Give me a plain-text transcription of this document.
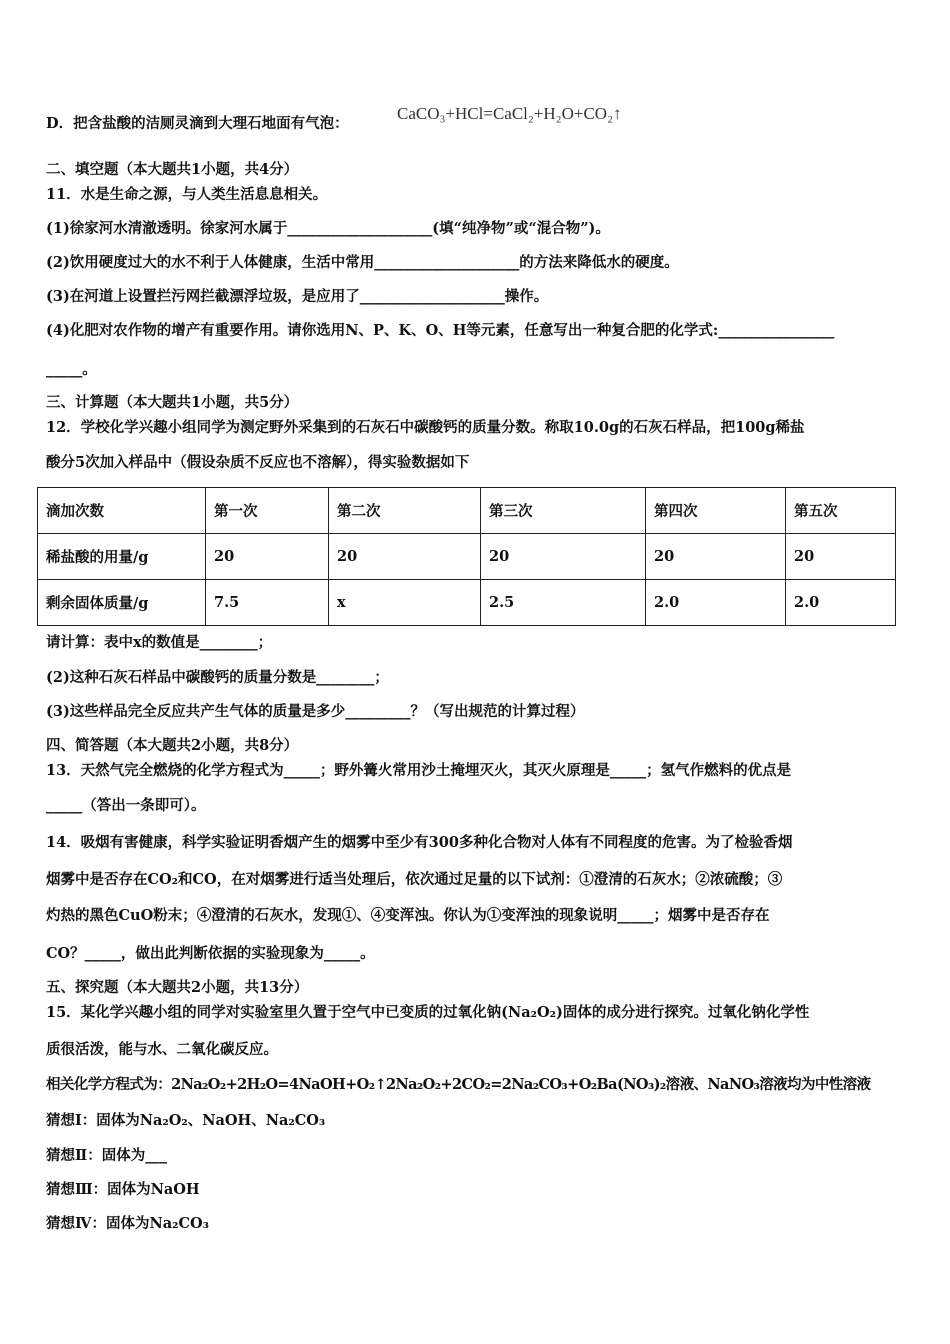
D．把含盐酸的洁厕灵滴到大理石地面有气泡：
CaCO₃+HCl=CaCl₂+H₂O+CO₂↑
二、填空题（本大题共1小题，共4分）
11．水是生命之源，与人类生活息息相关。
(1)徐家河水清澈透明。徐家河水属于____________________(填“纯净物”或“混合物”)。
(2)饮用硬度过大的水不利于人体健康，生活中常用____________________的方法来降低水的硬度。
(3)在河道上设置拦污网拦截漂浮垃圾，是应用了____________________操作。
(4)化肥对农作物的增产有重要作用。请你选用N、P、K、O、H等元素，任意写出一种复合肥的化学式:________________
_____。
三、计算题（本大题共1小题，共5分）
12．学校化学兴趣小组同学为测定野外采集到的石灰石中碳酸钙的质量分数。称取10.0g的石灰石样品，把100g稀盐
酸分5次加入样品中（假设杂质不反应也不溶解），得实验数据如下
滴加次数	第一次	第二次	第三次	第四次	第五次
稀盐酸的用量/g	20	20	20	20	20
剩余固体质量/g	7.5	x	2.5	2.0	2.0
请计算：表中x的数值是________；
(2)这种石灰石样品中碳酸钙的质量分数是________；
(3)这些样品完全反应共产生气体的质量是多少_________？（写出规范的计算过程）
四、简答题（本大题共2小题，共8分）
13．天然气完全燃烧的化学方程式为_____；野外篝火常用沙土掩埋灭火，其灭火原理是_____；氢气作燃料的优点是
_____（答出一条即可）。
14．吸烟有害健康，科学实验证明香烟产生的烟雾中至少有300多种化合物对人体有不同程度的危害。为了检验香烟
烟雾中是否存在CO₂和CO，在对烟雾进行适当处理后，依次通过足量的以下试剂：①澄清的石灰水；②浓硫酸；③
灼热的黑色CuO粉末；④澄清的石灰水，发现①、④变浑浊。你认为①变浑浊的现象说明_____；烟雾中是否存在
CO？_____，做出此判断依据的实验现象为_____。
五、探究题（本大题共2小题，共13分）
15．某化学兴趣小组的同学对实验室里久置于空气中已变质的过氧化钠(Na₂O₂)固体的成分进行探究。过氧化钠化学性
质很活泼，能与水、二氧化碳反应。
相关化学方程式为：2Na₂O₂+2H₂O=4NaOH+O₂↑2Na₂O₂+2CO₂=2Na₂CO₃+O₂Ba(NO₃)₂溶液、NaNO₃溶液均为中性溶液
猜想Ⅰ：固体为Na₂O₂、NaOH、Na₂CO₃
猜想Ⅱ：固体为___
猜想Ⅲ：固体为NaOH
猜想Ⅳ：固体为Na₂CO₃
